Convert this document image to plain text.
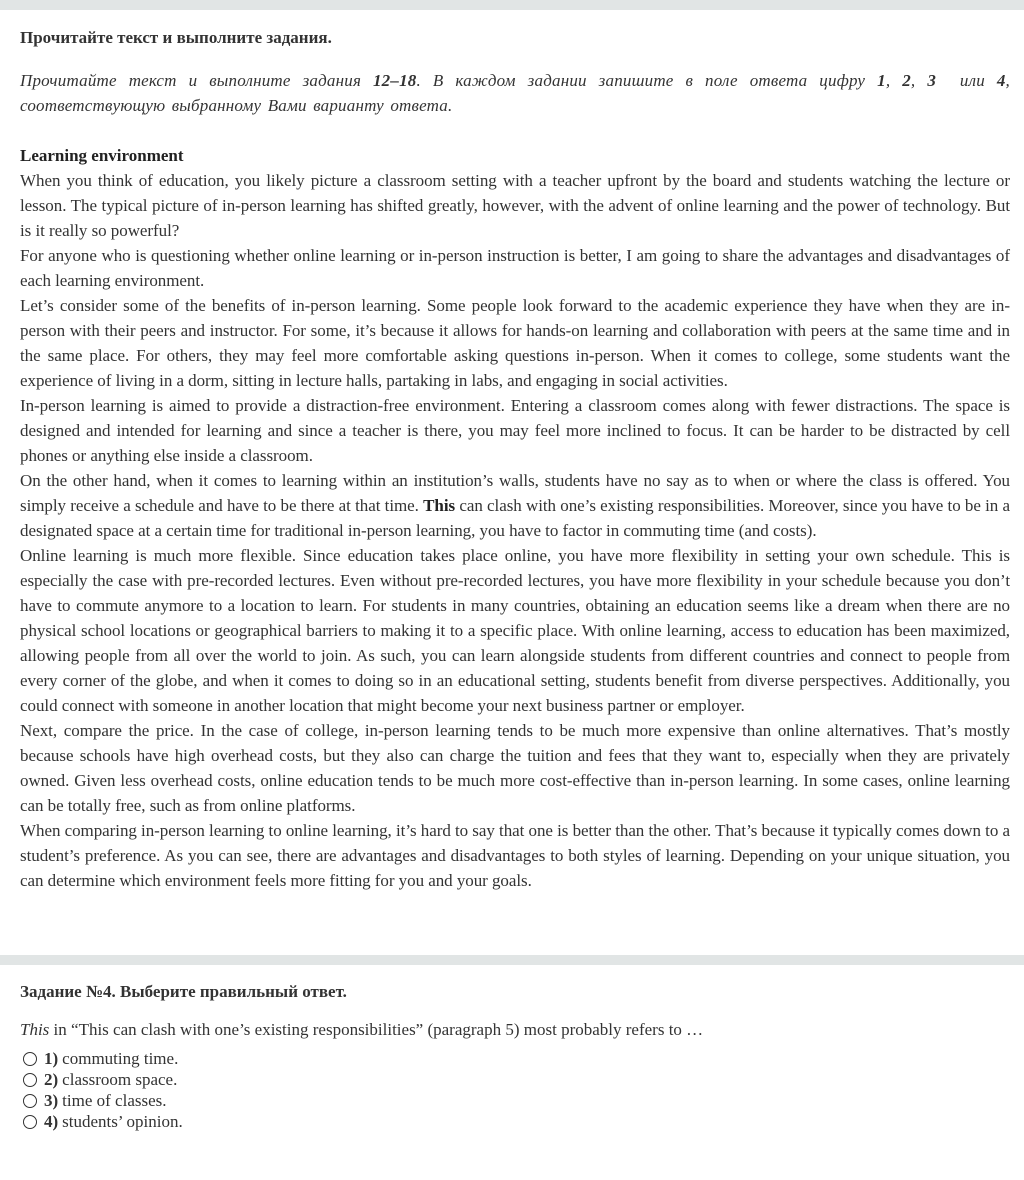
Прочитайте текст и выполните задания.
Прочитайте текст и выполните задания 12–18. В каждом задании запишите в поле ответа цифру 1, 2, 3  или 4, соответствующую выбранному Вами варианту ответа.
Learning environment

When you think of education, you likely picture a classroom setting with a teacher upfront by the board and students watching the lecture or lesson. The typical picture of in-person learning has shifted greatly, however, with the advent of online learning and the power of technology. But is it really so powerful?

For anyone who is questioning whether online learning or in-person instruction is better, I am going to share the advantages and disadvantages of each learning environment.

Let’s consider some of the benefits of in-person learning. Some people look forward to the academic experience they have when they are in-person with their peers and instructor. For some, it’s because it allows for hands-on learning and collaboration with peers at the same time and in the same place. For others, they may feel more comfortable asking questions in-person. When it comes to college, some students want the experience of living in a dorm, sitting in lecture halls, partaking in labs, and engaging in social activities.

In-person learning is aimed to provide a distraction-free environment. Entering a classroom comes along with fewer distractions. The space is designed and intended for learning and since a teacher is there, you may feel more inclined to focus. It can be harder to be distracted by cell phones or anything else inside a classroom.

On the other hand, when it comes to learning within an institution’s walls, students have no say as to when or where the class is offered. You simply receive a schedule and have to be there at that time. This can clash with one’s existing responsibilities. Moreover, since you have to be in a designated space at a certain time for traditional in-person learning, you have to factor in commuting time (and costs).

Online learning is much more flexible. Since education takes place online, you have more flexibility in setting your own schedule. This is especially the case with pre-recorded lectures. Even without pre-recorded lectures, you have more flexibility in your schedule because you don’t have to commute anymore to a location to learn. For students in many countries, obtaining an education seems like a dream when there are no physical school locations or geographical barriers to making it to a specific place. With online learning, access to education has been maximized, allowing people from all over the world to join. As such, you can learn alongside students from different countries and connect to people from every corner of the globe, and when it comes to doing so in an educational setting, students benefit from diverse perspectives. Additionally, you could connect with someone in another location that might become your next business partner or employer.

Next, compare the price. In the case of college, in-person learning tends to be much more expensive than online alternatives. That’s mostly because schools have high overhead costs, but they also can charge the tuition and fees that they want to, especially when they are privately owned. Given less overhead costs, online education tends to be much more cost-effective than in-person learning. In some cases, online learning can be totally free, such as from online platforms.

When comparing in-person learning to online learning, it’s hard to say that one is better than the other. That’s because it typically comes down to a student’s preference. As you can see, there are advantages and disadvantages to both styles of learning. Depending on your unique situation, you can determine which environment feels more fitting for you and your goals.

Задание №4. Выберите правильный ответ.
This in “This can clash with one’s existing responsibilities” (paragraph 5) most probably refers to …
1) commuting time.
2) classroom space.
3) time of classes.
4) students’ opinion.
